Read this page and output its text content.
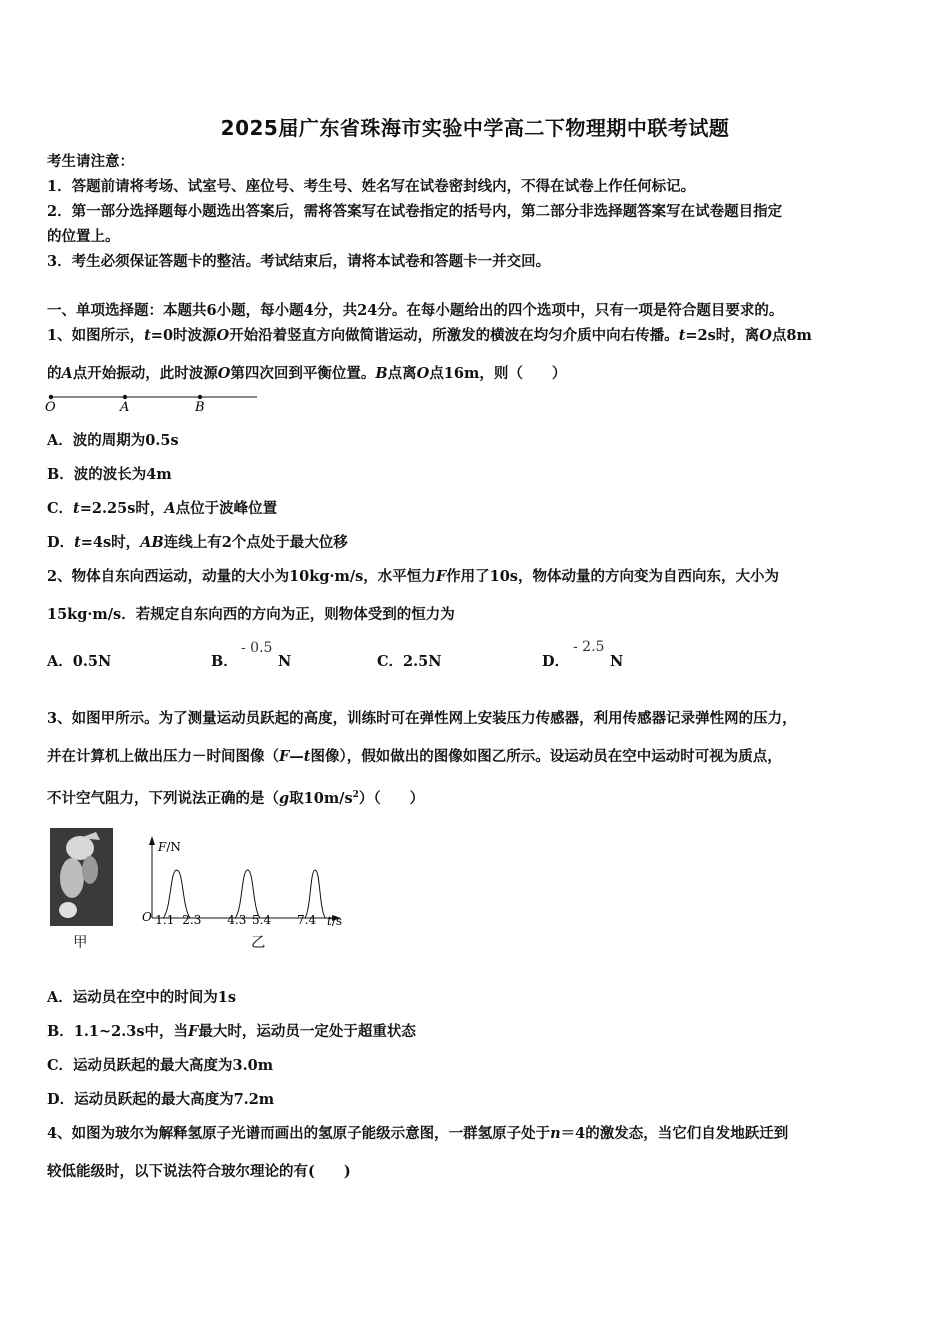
2025届广东省珠海市实验中学高二下物理期中联考试题
考生请注意：
1．答题前请将考场、试室号、座位号、考生号、姓名写在试卷密封线内，不得在试卷上作任何标记。
2．第一部分选择题每小题选出答案后，需将答案写在试卷指定的括号内，第二部分非选择题答案写在试卷题目指定
的位置上。
3．考生必须保证答题卡的整洁。考试结束后，请将本试卷和答题卡一并交回。
一、单项选择题：本题共6小题，每小题4分，共24分。在每小题给出的四个选项中，只有一项是符合题目要求的。
1、如图所示，t=0时波源O开始沿着竖直方向做简谐运动，所激发的横波在均匀介质中向右传播。t=2s时，离O点8m
的A点开始振动，此时波源O第四次回到平衡位置。B点离O点16m，则（　　）
O	A	B
A．波的周期为0.5s
B．波的波长为4m
C．t=2.25s时，A点位于波峰位置
D．t=4s时，AB连线上有2个点处于最大位移
2、物体自东向西运动，动量的大小为10kg·m/s，水平恒力F作用了10s，物体动量的方向变为自西向东，大小为
15kg·m/s．若规定自东向西的方向为正，则物体受到的恒力为
A．0.5N	B．
- 0.5
N	C．2.5N	D．
- 2.5
N
3、如图甲所示。为了测量运动员跃起的高度，训练时可在弹性网上安装压力传感器，利用传感器记录弹性网的压力，
并在计算机上做出压力－时间图像（F—t图像），假如做出的图像如图乙所示。设运动员在空中运动时可视为质点，
不计空气阻力，下列说法正确的是（g取$10m/s^2$）（　　）
甲
F/N
O	t/s
1.1 2.3 4.3 5.4 7.4
乙
A．运动员在空中的时间为1s
B．1.1~2.3s中，当F最大时，运动员一定处于超重状态
C．运动员跃起的最大高度为3.0m
D．运动员跃起的最大高度为7.2m
4、如图为玻尔为解释氢原子光谱而画出的氢原子能级示意图，一群氢原子处于n＝4的激发态，当它们自发地跃迁到
较低能级时，以下说法符合玻尔理论的有(　　)
